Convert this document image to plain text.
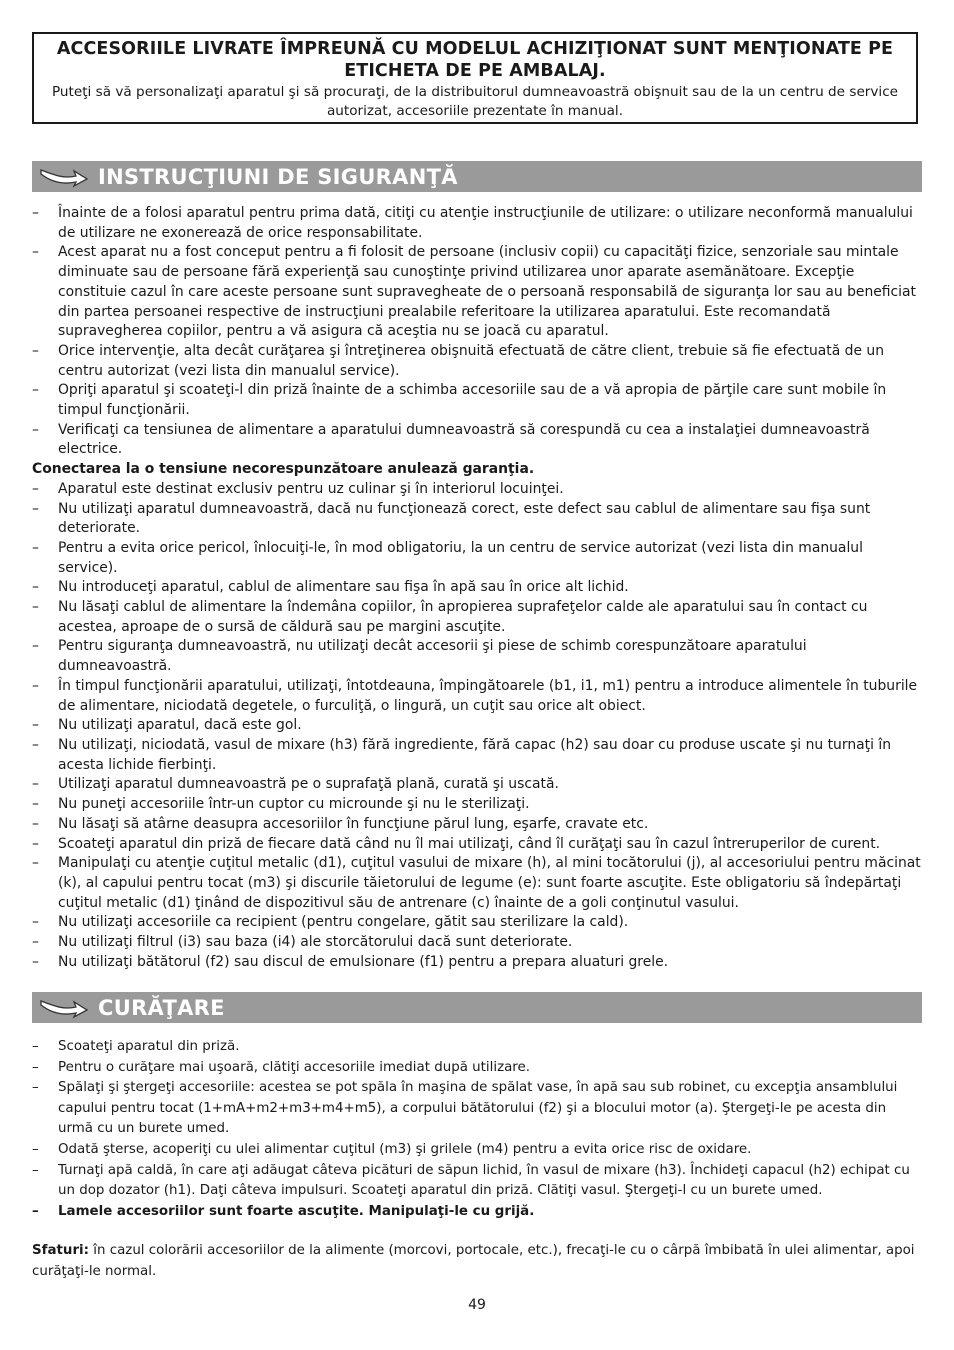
ACCESORIILE LIVRATE ÎMPREUNĂ CU MODELUL ACHIZIŢIONAT SUNT MENŢIONATE PE ETICHETA DE PE AMBALAJ.
Puteţi să vă personalizaţi aparatul şi să procuraţi, de la distribuitorul dumneavoastră obişnuit sau de la un centru de service autorizat, accesoriile prezentate în manual.
INSTRUCŢIUNI DE SIGURANŢĂ
– Înainte de a folosi aparatul pentru prima dată, citiţi cu atenţie instrucţiunile de utilizare: o utilizare neconformă manualului de utilizare ne exonerează de orice responsabilitate.
– Acest aparat nu a fost conceput pentru a fi folosit de persoane (inclusiv copii) cu capacităţi fizice, senzoriale sau mintale diminuate sau de persoane fără experienţă sau cunoştinţe privind utilizarea unor aparate asemănătoare. Excepţie constituie cazul în care aceste persoane sunt supravegheate de o persoană responsabilă de siguranţa lor sau au beneficiat din partea persoanei respective de instrucţiuni prealabile referitoare la utilizarea aparatului. Este recomandată supravegherea copiilor, pentru a vă asigura că aceştia nu se joacă cu aparatul.
– Orice intervenţie, alta decât curăţarea şi întreţinerea obişnuită efectuată de către client, trebuie să fie efectuată de un centru autorizat (vezi lista din manualul service).
– Opriţi aparatul şi scoateţi-l din priză înainte de a schimba accesoriile sau de a vă apropia de părţile care sunt mobile în timpul funcţionării.
– Verificaţi ca tensiunea de alimentare a aparatului dumneavoastră să corespundă cu cea a instalaţiei dumneavoastră electrice.
Conectarea la o tensiune necorespunzătoare anulează garanţia.
– Aparatul este destinat exclusiv pentru uz culinar şi în interiorul locuinţei.
– Nu utilizaţi aparatul dumneavoastră, dacă nu funcţionează corect, este defect sau cablul de alimentare sau fişa sunt deteriorate.
– Pentru a evita orice pericol, înlocuiţi-le, în mod obligatoriu, la un centru de service autorizat (vezi lista din manualul service).
– Nu introduceţi aparatul, cablul de alimentare sau fişa în apă sau în orice alt lichid.
– Nu lăsaţi cablul de alimentare la îndemâna copiilor, în apropierea suprafeţelor calde ale aparatului sau în contact cu acestea, aproape de o sursă de căldură sau pe margini ascuţite.
– Pentru siguranţa dumneavoastră, nu utilizaţi decât accesorii şi piese de schimb corespunzătoare aparatului dumneavoastră.
– În timpul funcţionării aparatului, utilizaţi, întotdeauna, împingătoarele (b1, i1, m1) pentru a introduce alimentele în tuburile de alimentare, niciodată degetele, o furculiţă, o lingură, un cuţit sau orice alt obiect.
– Nu utilizaţi aparatul, dacă este gol.
– Nu utilizaţi, niciodată, vasul de mixare (h3) fără ingrediente, fără capac (h2) sau doar cu produse uscate şi nu turnaţi în acesta lichide fierbinţi.
– Utilizaţi aparatul dumneavoastră pe o suprafaţă plană, curată şi uscată.
– Nu puneţi accesoriile într-un cuptor cu microunde şi nu le sterilizaţi.
– Nu lăsaţi să atârne deasupra accesoriilor în funcţiune părul lung, eşarfe, cravate etc.
– Scoateţi aparatul din priză de fiecare dată când nu îl mai utilizaţi, când îl curăţaţi sau în cazul întreruperilor de curent.
– Manipulaţi cu atenţie cuţitul metalic (d1), cuţitul vasului de mixare (h), al mini tocătorului (j), al accesoriului pentru măcinat (k), al capului pentru tocat (m3) şi discurile tăietorului de legume (e): sunt foarte ascuţite. Este obligatoriu să îndepărtaţi cuţitul metalic (d1) ţinând de dispozitivul său de antrenare (c) înainte de a goli conţinutul vasului.
– Nu utilizaţi accesoriile ca recipient (pentru congelare, gătit sau sterilizare la cald).
– Nu utilizaţi filtrul (i3) sau baza (i4) ale storcătorului dacă sunt deteriorate.
– Nu utilizaţi bătătorul (f2) sau discul de emulsionare (f1) pentru a prepara aluaturi grele.
CURĂŢARE
– Scoateţi aparatul din priză.
– Pentru o curăţare mai uşoară, clătiţi accesoriile imediat după utilizare.
– Spălaţi şi ştergeţi accesoriile: acestea se pot spăla în maşina de spălat vase, în apă sau sub robinet, cu excepţia ansamblului capului pentru tocat (1+mA+m2+m3+m4+m5), a corpului bătătorului (f2) şi a blocului motor (a). Ştergeţi-le pe acesta din urmă cu un burete umed.
– Odată şterse, acoperiţi cu ulei alimentar cuţitul (m3) şi grilele (m4) pentru a evita orice risc de oxidare.
– Turnaţi apă caldă, în care aţi adăugat câteva picături de săpun lichid, în vasul de mixare (h3). Închideţi capacul (h2) echipat cu un dop dozator (h1). Daţi câteva impulsuri. Scoateţi aparatul din priză. Clătiţi vasul. Ştergeţi-l cu un burete umed.
– Lamele accesoriilor sunt foarte ascuţite. Manipulaţi-le cu grijă.
Sfaturi: în cazul colorării accesoriilor de la alimente (morcovi, portocale, etc.), frecaţi-le cu o cârpă îmbibată în ulei alimentar, apoi curăţaţi-le normal.
49
